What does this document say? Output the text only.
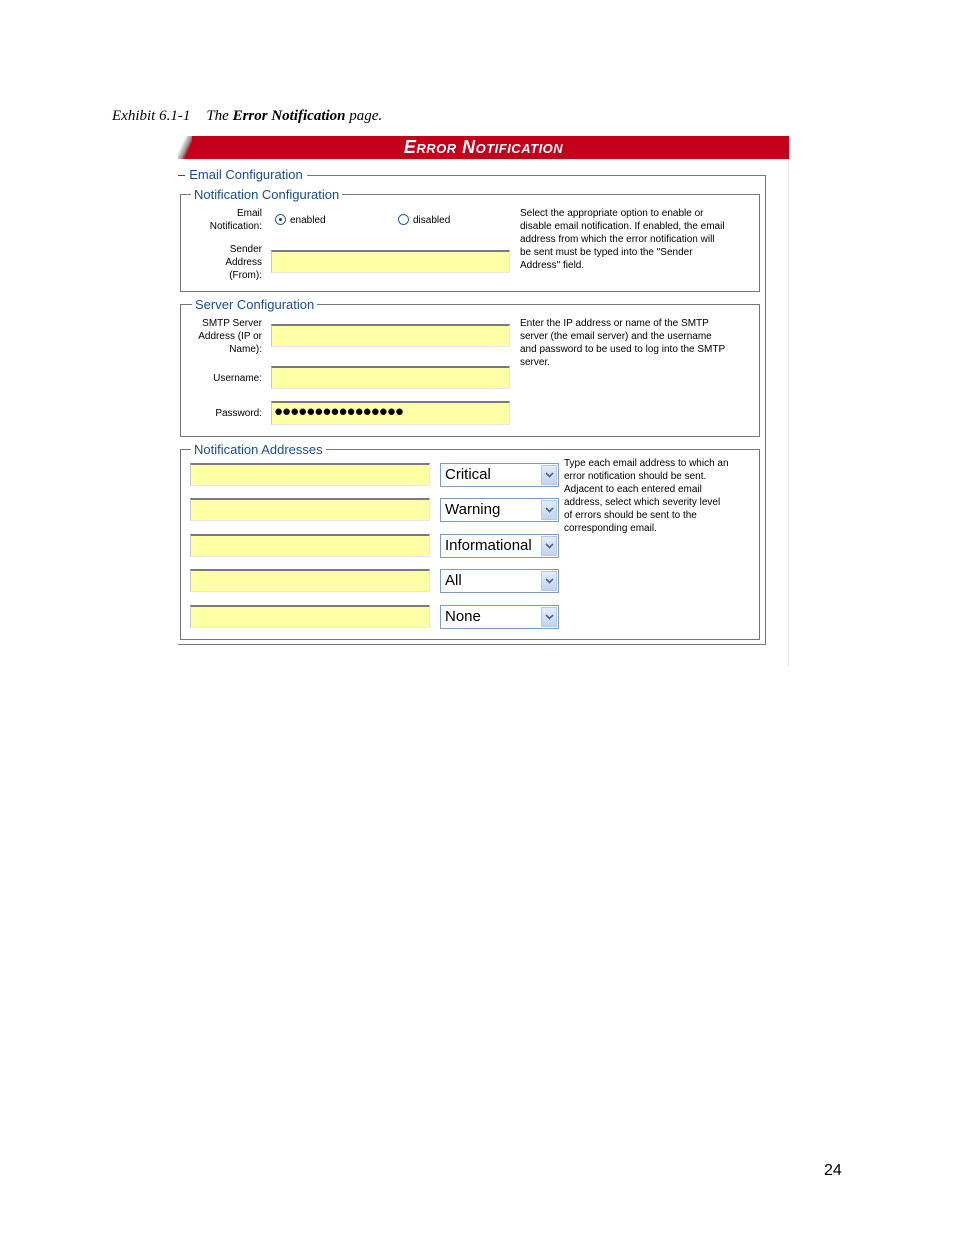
Exhibit 6.1-1 The Error Notification page.
Error Notification
– Email Configuration
Notification Configuration
Email
Notification:
enabled	disabled
Sender
Address
(From):
Select the appropriate option to enable or
disable email notification. If enabled, the email
address from which the error notification will
be sent must be typed into the "Sender
Address" field.
Server Configuration
SMTP Server
Address (IP or
Name):
Username:
Password: ●●●●●●●●●●●●●●●●
Enter the IP address or name of the SMTP
server (the email server) and the username
and password to be used to log into the SMTP
server.
Notification Addresses
Critical
Warning
Informational
All
None
Type each email address to which an
error notification should be sent.
Adjacent to each entered email
address, select which severity level
of errors should be sent to the
corresponding email.
24
